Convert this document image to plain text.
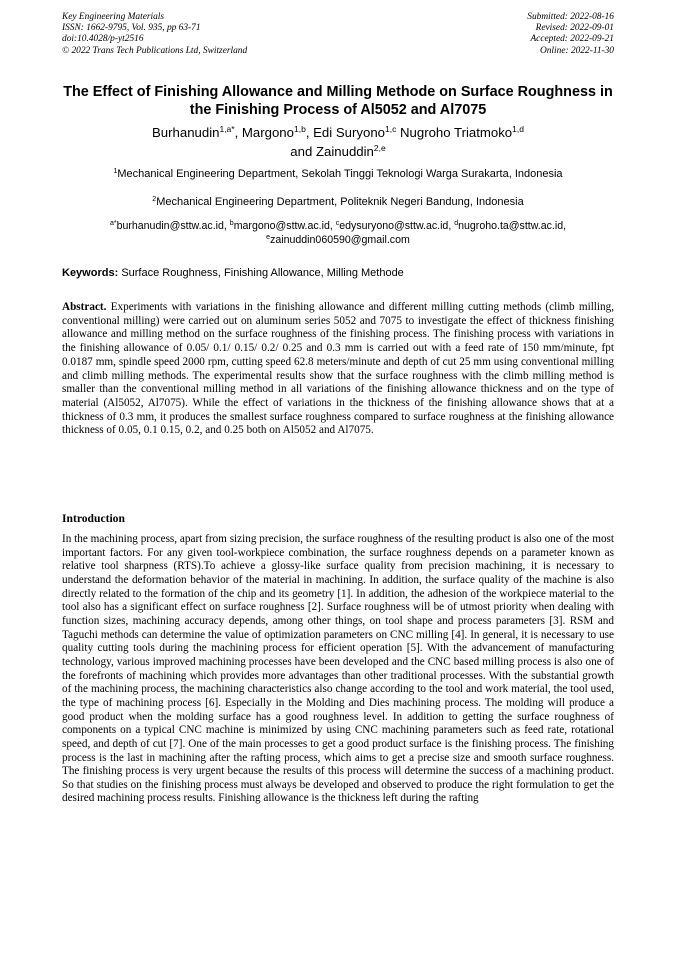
Key Engineering Materials
ISSN: 1662-9795, Vol. 935, pp 63-71
doi:10.4028/p-yt2516
© 2022 Trans Tech Publications Ltd, Switzerland
Submitted: 2022-08-16
Revised: 2022-09-01
Accepted: 2022-09-21
Online: 2022-11-30
The Effect of Finishing Allowance and Milling Methode on Surface Roughness in the Finishing Process of Al5052 and Al7075
Burhanudin$^{1,a*}$, Margono$^{1,b}$, Edi Suryono$^{1,c}$ Nugroho Triatmoko$^{1,d}$
and Zainuddin$^{2,e}$
$^1$Mechanical Engineering Department, Sekolah Tinggi Teknologi Warga Surakarta, Indonesia
$^2$Mechanical Engineering Department, Politeknik Negeri Bandung, Indonesia
$^{a*}$burhanudin@sttw.ac.id, $^b$margono@sttw.ac.id, $^c$edysuryono@sttw.ac.id, $^d$nugroho.ta@sttw.ac.id,
$^e$zainuddin060590@gmail.com
Keywords: Surface Roughness, Finishing Allowance, Milling Methode
Abstract. Experiments with variations in the finishing allowance and different milling cutting methods (climb milling, conventional milling) were carried out on aluminum series 5052 and 7075 to investigate the effect of thickness finishing allowance and milling method on the surface roughness of the finishing process. The finishing process with variations in the finishing allowance of 0.05/ 0.1/ 0.15/ 0.2/ 0.25 and 0.3 mm is carried out with a feed rate of 150 mm/minute, fpt 0.0187 mm, spindle speed 2000 rpm, cutting speed 62.8 meters/minute and depth of cut 25 mm using conventional milling and climb milling methods. The experimental results show that the surface roughness with the climb milling method is smaller than the conventional milling method in all variations of the finishing allowance thickness and on the type of material (Al5052, Al7075). While the effect of variations in the thickness of the finishing allowance shows that at a thickness of 0.3 mm, it produces the smallest surface roughness compared to surface roughness at the finishing allowance thickness of 0.05, 0.1 0.15, 0.2, and 0.25 both on Al5052 and Al7075.
Introduction
In the machining process, apart from sizing precision, the surface roughness of the resulting product is also one of the most important factors. For any given tool-workpiece combination, the surface roughness depends on a parameter known as relative tool sharpness (RTS).To achieve a glossy-like surface quality from precision machining, it is necessary to understand the deformation behavior of the material in machining. In addition, the surface quality of the machine is also directly related to the formation of the chip and its geometry [1]. In addition, the adhesion of the workpiece material to the tool also has a significant effect on surface roughness [2]. Surface roughness will be of utmost priority when dealing with function sizes, machining accuracy depends, among other things, on tool shape and process parameters [3]. RSM and Taguchi methods can determine the value of optimization parameters on CNC milling [4]. In general, it is necessary to use quality cutting tools during the machining process for efficient operation [5]. With the advancement of manufacturing technology, various improved machining processes have been developed and the CNC based milling process is also one of the forefronts of machining which provides more advantages than other traditional processes. With the substantial growth of the machining process, the machining characteristics also change according to the tool and work material, the tool used, the type of machining process [6]. Especially in the Molding and Dies machining process. The molding will produce a good product when the molding surface has a good roughness level. In addition to getting the surface roughness of components on a typical CNC machine is minimized by using CNC machining parameters such as feed rate, rotational speed, and depth of cut [7]. One of the main processes to get a good product surface is the finishing process. The finishing process is the last in machining after the rafting process, which aims to get a precise size and smooth surface roughness. The finishing process is very urgent because the results of this process will determine the success of a machining product. So that studies on the finishing process must always be developed and observed to produce the right formulation to get the desired machining process results. Finishing allowance is the thickness left during the rafting
